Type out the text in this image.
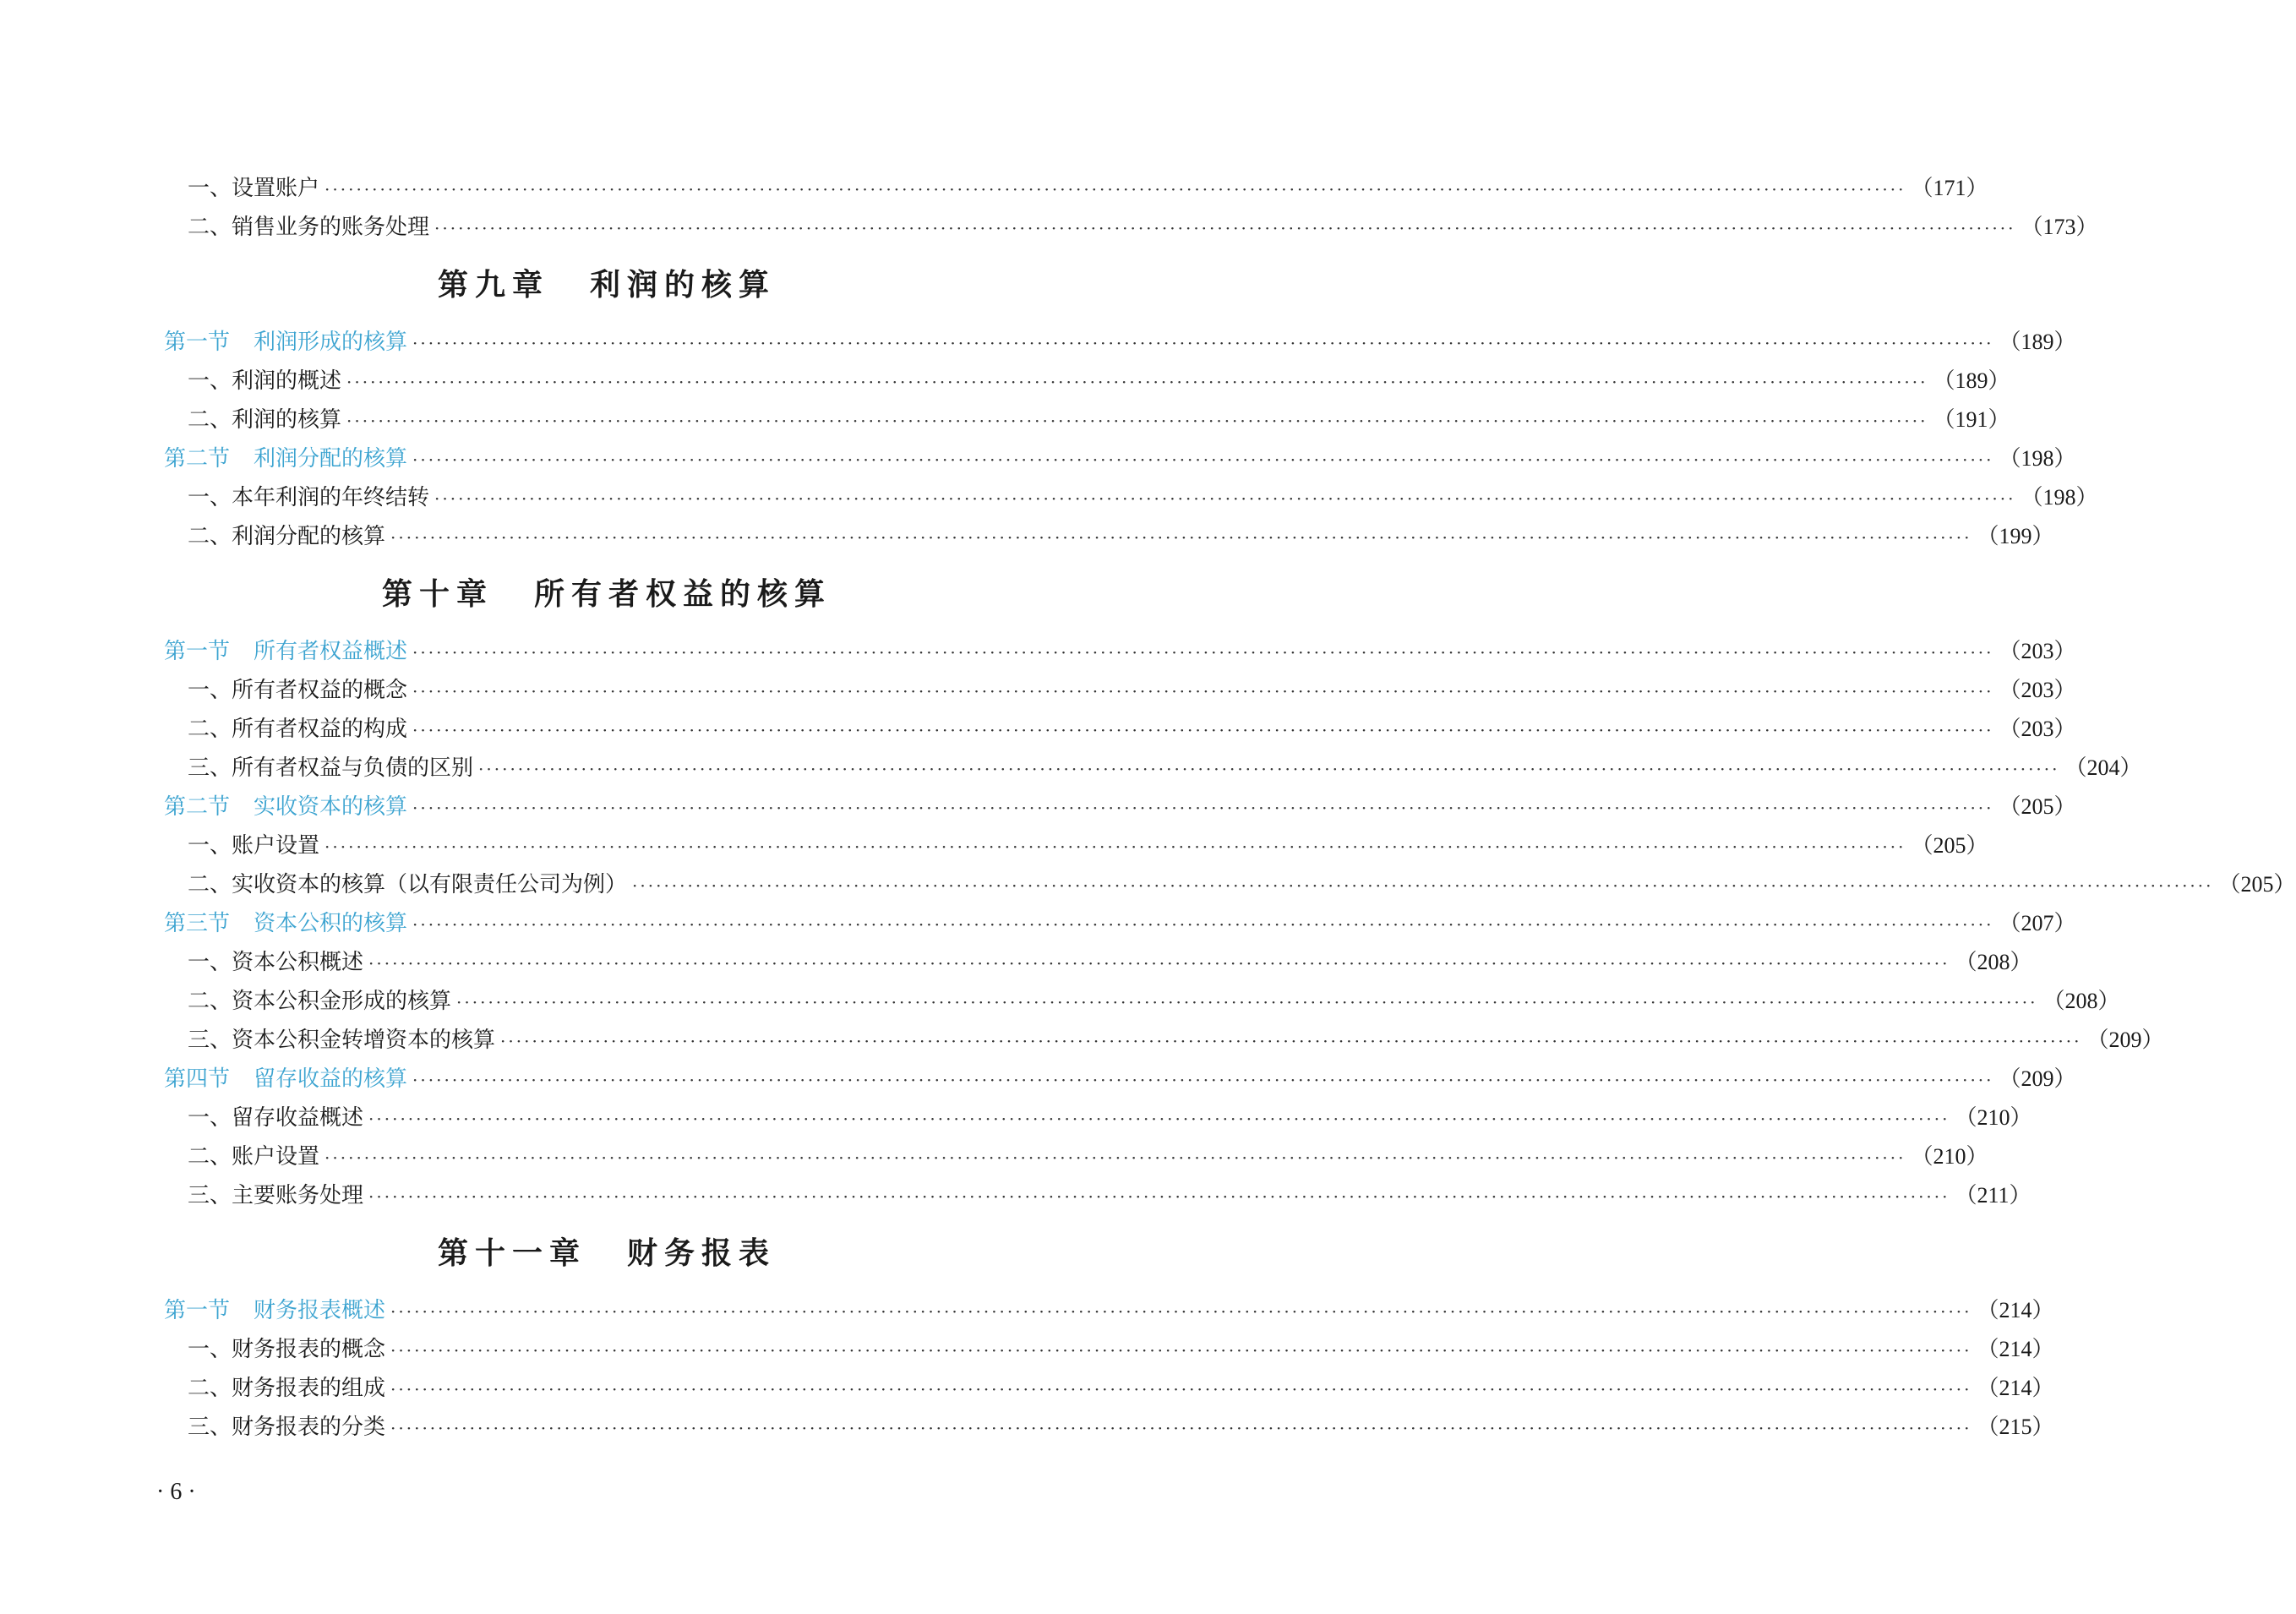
一、设置账户 ········································································································································································································ （171）
二、销售业务的账务处理 ········································································································································································································ （173）
第九章 利润的核算
第一节 利润形成的核算 ········································································································································································································ （189）
一、利润的概述 ········································································································································································································ （189）
二、利润的核算 ········································································································································································································ （191）
第二节 利润分配的核算 ········································································································································································································ （198）
一、本年利润的年终结转 ········································································································································································································ （198）
二、利润分配的核算 ········································································································································································································ （199）
第十章 所有者权益的核算
第一节 所有者权益概述 ········································································································································································································ （203）
一、所有者权益的概念 ········································································································································································································ （203）
二、所有者权益的构成 ········································································································································································································ （203）
三、所有者权益与负债的区别 ········································································································································································································ （204）
第二节 实收资本的核算 ········································································································································································································ （205）
一、账户设置 ········································································································································································································ （205）
二、实收资本的核算（以有限责任公司为例） ········································································································································································································ （205）
第三节 资本公积的核算 ········································································································································································································ （207）
一、资本公积概述 ········································································································································································································ （208）
二、资本公积金形成的核算 ········································································································································································································ （208）
三、资本公积金转增资本的核算 ········································································································································································································ （209）
第四节 留存收益的核算 ········································································································································································································ （209）
一、留存收益概述 ········································································································································································································ （210）
二、账户设置 ········································································································································································································ （210）
三、主要账务处理 ········································································································································································································ （211）
第十一章 财务报表
第一节 财务报表概述 ········································································································································································································ （214）
一、财务报表的概念 ········································································································································································································ （214）
二、财务报表的组成 ········································································································································································································ （214）
三、财务报表的分类 ········································································································································································································ （215）
· 6 ·
